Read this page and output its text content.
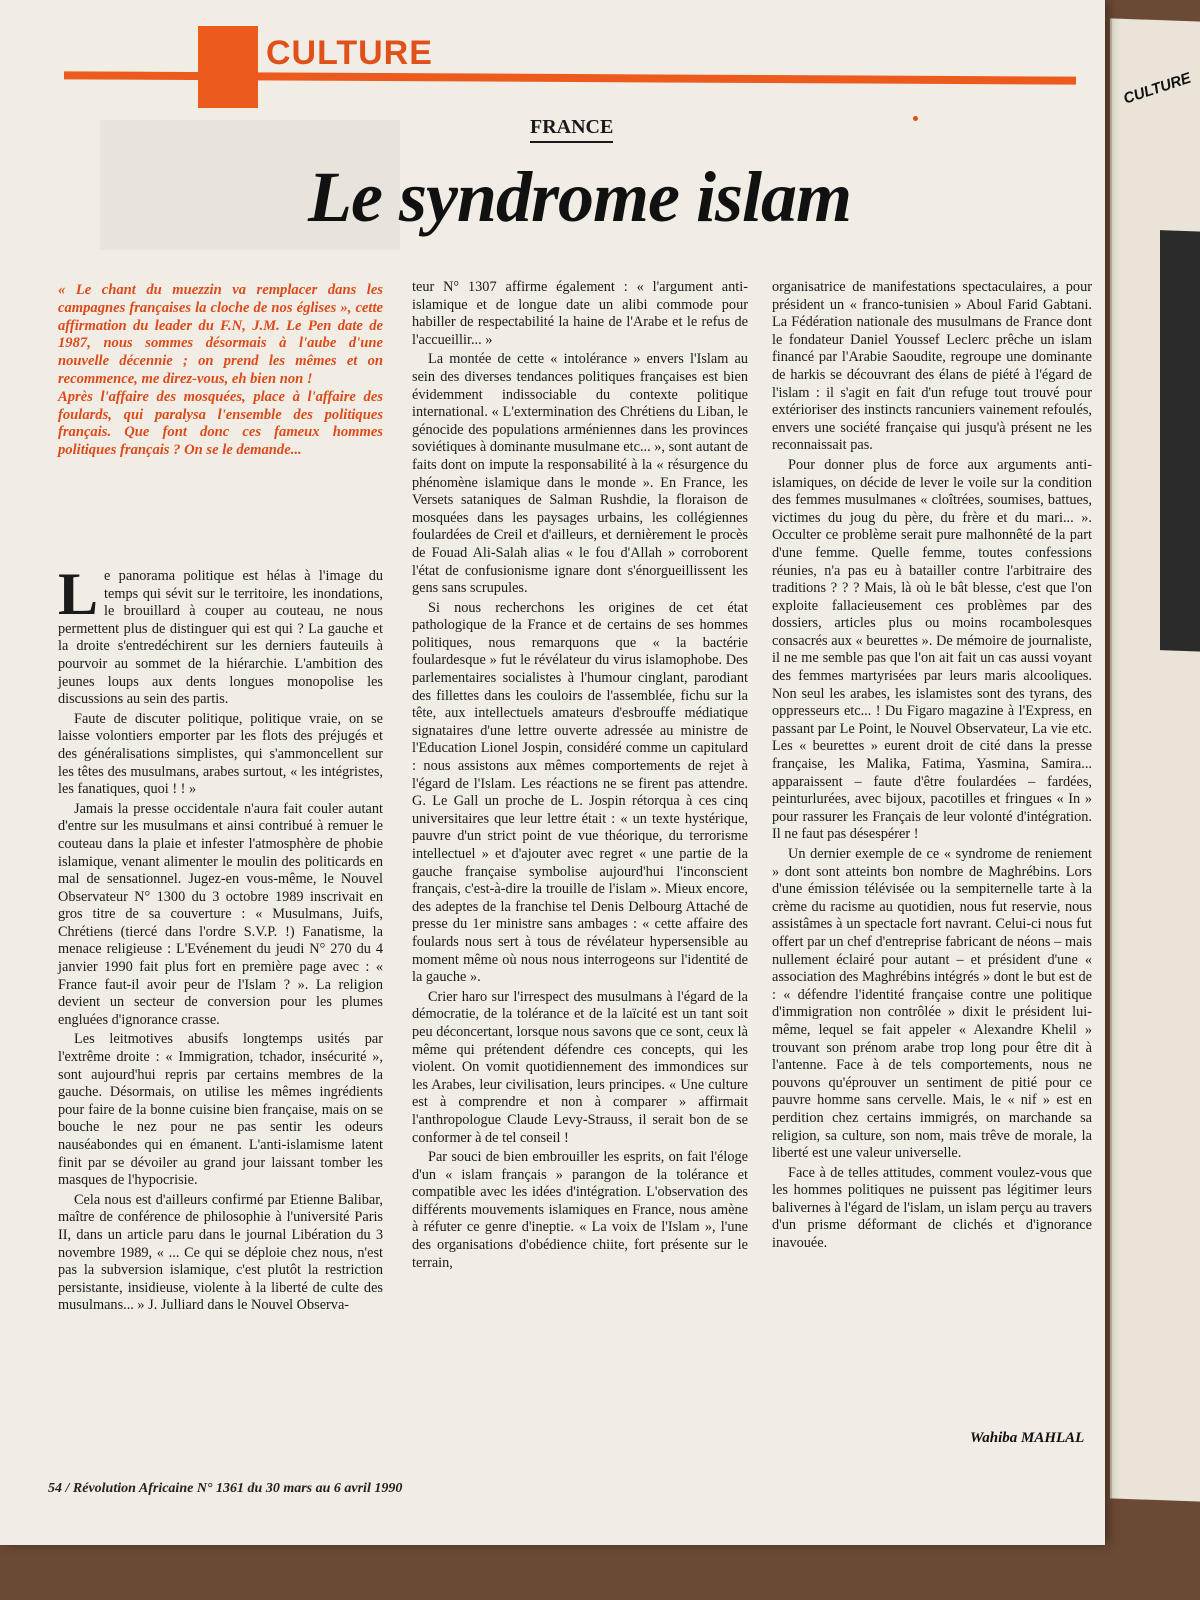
CULTURE
CULTURE
FRANCE
Le syndrome islam

« Le chant du muezzin va remplacer dans les campagnes françaises la cloche de nos églises », cette affirmation du leader du F.N, J.M. Le Pen date de 1987, nous sommes désormais à l'aube d'une nouvelle décennie ; on prend les mêmes et on recommence, me direz-vous, eh bien non !

Après l'affaire des mosquées, place à l'affaire des foulards, qui paralysa l'ensemble des politiques français. Que font donc ces fameux hommes politiques français ? On se le demande...

Le panorama politique est hélas à l'image du temps qui sévit sur le territoire, les inondations, le brouillard à couper au couteau, ne nous permettent plus de distinguer qui est qui ? La gauche et la droite s'entredéchirent sur les derniers fauteuils à pourvoir au sommet de la hiérarchie. L'ambition des jeunes loups aux dents longues monopolise les discussions au sein des partis.

Faute de discuter politique, politique vraie, on se laisse volontiers emporter par les flots des préjugés et des généralisations simplistes, qui s'ammoncellent sur les têtes des musulmans, arabes surtout, « les intégristes, les fanatiques, quoi ! ! »

Jamais la presse occidentale n'aura fait couler autant d'entre sur les musulmans et ainsi contribué à remuer le couteau dans la plaie et infester l'atmosphère de phobie islamique, venant alimenter le moulin des politicards en mal de sensationnel. Jugez-en vous-même, le Nouvel Observateur N° 1300 du 3 octobre 1989 inscrivait en gros titre de sa couverture : « Musulmans, Juifs, Chrétiens (tiercé dans l'ordre S.V.P. !) Fanatisme, la menace religieuse : L'Evénement du jeudi N° 270 du 4 janvier 1990 fait plus fort en première page avec : « France faut-il avoir peur de l'Islam ? ». La religion devient un secteur de conversion pour les plumes engluées d'ignorance crasse.

Les leitmotives abusifs longtemps usités par l'extrême droite : « Immigration, tchador, insécurité », sont aujourd'hui repris par certains membres de la gauche. Désormais, on utilise les mêmes ingrédients pour faire de la bonne cuisine bien française, mais on se bouche le nez pour ne pas sentir les odeurs nauséabondes qui en émanent. L'anti-islamisme latent finit par se dévoiler au grand jour laissant tomber les masques de l'hypocrisie.

Cela nous est d'ailleurs confirmé par Etienne Balibar, maître de conférence de philosophie à l'université Paris II, dans un article paru dans le journal Libération du 3 novembre 1989, « ... Ce qui se déploie chez nous, n'est pas la subversion islamique, c'est plutôt la restriction persistante, insidieuse, violente à la liberté de culte des musulmans... » J. Julliard dans le Nouvel Observa-

teur N° 1307 affirme également : « l'argument anti-islamique et de longue date un alibi commode pour habiller de respectabilité la haine de l'Arabe et le refus de l'accueillir... »

La montée de cette « intolérance » envers l'Islam au sein des diverses tendances politiques françaises est bien évidemment indissociable du contexte politique international. « L'extermination des Chrétiens du Liban, le génocide des populations arméniennes dans les provinces soviétiques à dominante musulmane etc... », sont autant de faits dont on impute la responsabilité à la « résurgence du phénomène islamique dans le monde ». En France, les Versets sataniques de Salman Rushdie, la floraison de mosquées dans les paysages urbains, les collégiennes foulardées de Creil et d'ailleurs, et dernièrement le procès de Fouad Ali-Salah alias « le fou d'Allah » corroborent l'état de confusionisme ignare dont s'énorgueillissent les gens sans scrupules.

Si nous recherchons les origines de cet état pathologique de la France et de certains de ses hommes politiques, nous remarquons que « la bactérie foulardesque » fut le révélateur du virus islamophobe. Des parlementaires socialistes à l'humour cinglant, parodiant des fillettes dans les couloirs de l'assemblée, fichu sur la tête, aux intellectuels amateurs d'esbrouffe médiatique signataires d'une lettre ouverte adressée au ministre de l'Education Lionel Jospin, considéré comme un capitulard : nous assistons aux mêmes comportements de rejet à l'égard de l'Islam. Les réactions ne se firent pas attendre. G. Le Gall un proche de L. Jospin rétorqua à ces cinq universitaires que leur lettre était : « un texte hystérique, pauvre d'un strict point de vue théorique, du terrorisme intellectuel » et d'ajouter avec regret « une partie de la gauche française symbolise aujourd'hui l'inconscient français, c'est-à-dire la trouille de l'islam ». Mieux encore, des adeptes de la franchise tel Denis Delbourg Attaché de presse du 1er ministre sans ambages : « cette affaire des foulards nous sert à tous de révélateur hypersensible au moment même où nous nous interrogeons sur l'identité de la gauche ».

Crier haro sur l'irrespect des musulmans à l'égard de la démocratie, de la tolérance et de la laïcité est un tant soit peu déconcertant, lorsque nous savons que ce sont, ceux là même qui prétendent défendre ces concepts, qui les violent. On vomit quotidiennement des immondices sur les Arabes, leur civilisation, leurs principes. « Une culture est à comprendre et non à comparer » affirmait l'anthropologue Claude Levy-Strauss, il serait bon de se conformer à de tel conseil !

Par souci de bien embrouiller les esprits, on fait l'éloge d'un « islam français » parangon de la tolérance et compatible avec les idées d'intégration. L'observation des différents mouvements islamiques en France, nous amène à réfuter ce genre d'ineptie. « La voix de l'Islam », l'une des organisations d'obédience chiite, fort présente sur le terrain,

organisatrice de manifestations spectaculaires, a pour président un « franco-tunisien » Aboul Farid Gabtani. La Fédération nationale des musulmans de France dont le fondateur Daniel Youssef Leclerc prêche un islam financé par l'Arabie Saoudite, regroupe une dominante de harkis se découvrant des élans de piété à l'égard de l'islam : il s'agit en fait d'un refuge tout trouvé pour extérioriser des instincts rancuniers vainement refoulés, envers une société française qui jusqu'à présent ne les reconnaissait pas.

Pour donner plus de force aux arguments anti-islamiques, on décide de lever le voile sur la condition des femmes musulmanes « cloîtrées, soumises, battues, victimes du joug du père, du frère et du mari... ». Occulter ce problème serait pure malhonnêté de la part d'une femme. Quelle femme, toutes confessions réunies, n'a pas eu à batailler contre l'arbitraire des traditions ? ? ? Mais, là où le bât blesse, c'est que l'on exploite fallacieusement ces problèmes par des dossiers, articles plus ou moins rocambolesques consacrés aux « beurettes ». De mémoire de journaliste, il ne me semble pas que l'on ait fait un cas aussi voyant des femmes martyrisées par leurs maris alcooliques. Non seul les arabes, les islamistes sont des tyrans, des oppresseurs etc... ! Du Figaro magazine à l'Express, en passant par Le Point, le Nouvel Observateur, La vie etc. Les « beurettes » eurent droit de cité dans la presse française, les Malika, Fatima, Yasmina, Samira... apparaissent – faute d'être foulardées – fardées, peinturlurées, avec bijoux, pacotilles et fringues « In » pour rassurer les Français de leur volonté d'intégration. Il ne faut pas désespérer !

Un dernier exemple de ce « syndrome de reniement » dont sont atteints bon nombre de Maghrébins. Lors d'une émission télévisée ou la sempiternelle tarte à la crème du racisme au quotidien, nous fut reservie, nous assistâmes à un spectacle fort navrant. Celui-ci nous fut offert par un chef d'entreprise fabricant de néons – mais nullement éclairé pour autant – et président d'une « association des Maghrébins intégrés » dont le but est de : « défendre l'identité française contre une politique d'immigration non contrôlée » dixit le président lui-même, lequel se fait appeler « Alexandre Khelil » trouvant son prénom arabe trop long pour être dit à l'antenne. Face à de tels comportements, nous ne pouvons qu'éprouver un sentiment de pitié pour ce pauvre homme sans cervelle. Mais, le « nif » est en perdition chez certains immigrés, on marchande sa religion, sa culture, son nom, mais trêve de morale, la liberté est une valeur universelle.

Face à de telles attitudes, comment voulez-vous que les hommes politiques ne puissent pas légitimer leurs balivernes à l'égard de l'islam, un islam perçu au travers d'un prisme déformant de clichés et d'ignorance inavouée.

Wahiba MAHLAL
54 / Révolution Africaine N° 1361 du 30 mars au 6 avril 1990
